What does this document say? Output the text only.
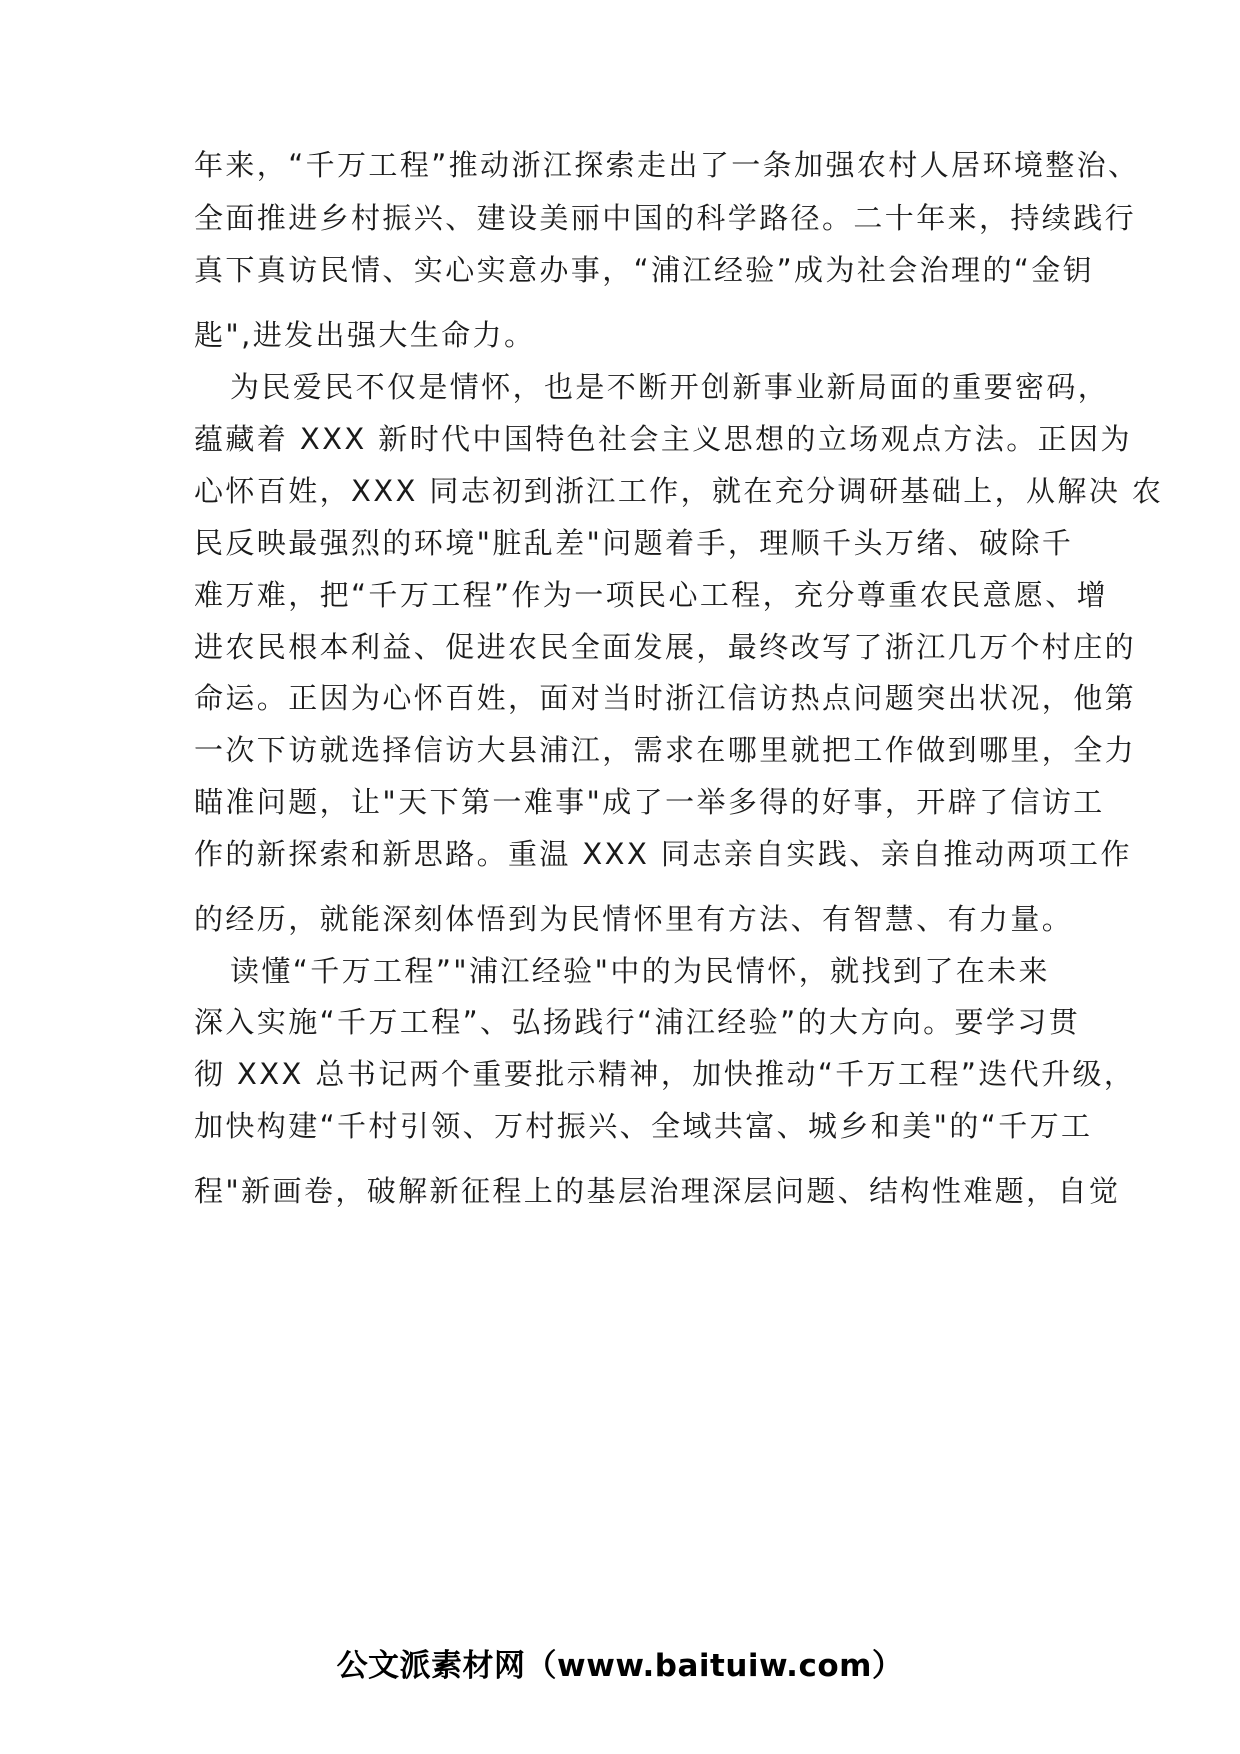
年来，“千万工程”推动浙江探索走出了一条加强农村人居环境整治、
全面推进乡村振兴、建设美丽中国的科学路径。二十年来，持续践行
真下真访民情、实心实意办事，“浦江经验”成为社会治理的“金钥
匙",进发出强大生命力。
为民爱民不仅是情怀，也是不断开创新事业新局面的重要密码，
蕴藏着 XXX 新时代中国特色社会主义思想的立场观点方法。正因为
心怀百姓，XXX 同志初到浙江工作，就在充分调研基础上，从解决 农
民反映最强烈的环境"脏乱差"问题着手，理顺千头万绪、破除千
难万难，把“千万工程”作为一项民心工程，充分尊重农民意愿、增
进农民根本利益、促进农民全面发展，最终改写了浙江几万个村庄的
命运。正因为心怀百姓，面对当时浙江信访热点问题突出状况，他第
一次下访就选择信访大县浦江，需求在哪里就把工作做到哪里，全力
瞄准问题，让"天下第一难事"成了一举多得的好事，开辟了信访工
作的新探索和新思路。重温 XXX 同志亲自实践、亲自推动两项工作
的经历，就能深刻体悟到为民情怀里有方法、有智慧、有力量。
读懂“千万工程”"浦江经验"中的为民情怀，就找到了在未来
深入实施“千万工程”、弘扬践行“浦江经验”的大方向。要学习贯
彻 XXX 总书记两个重要批示精神，加快推动“千万工程”迭代升级，
加快构建“千村引领、万村振兴、全域共富、城乡和美"的“千万工
程"新画卷，破解新征程上的基层治理深层问题、结构性难题，自觉
公文派素材网（www.baituiw.com）
